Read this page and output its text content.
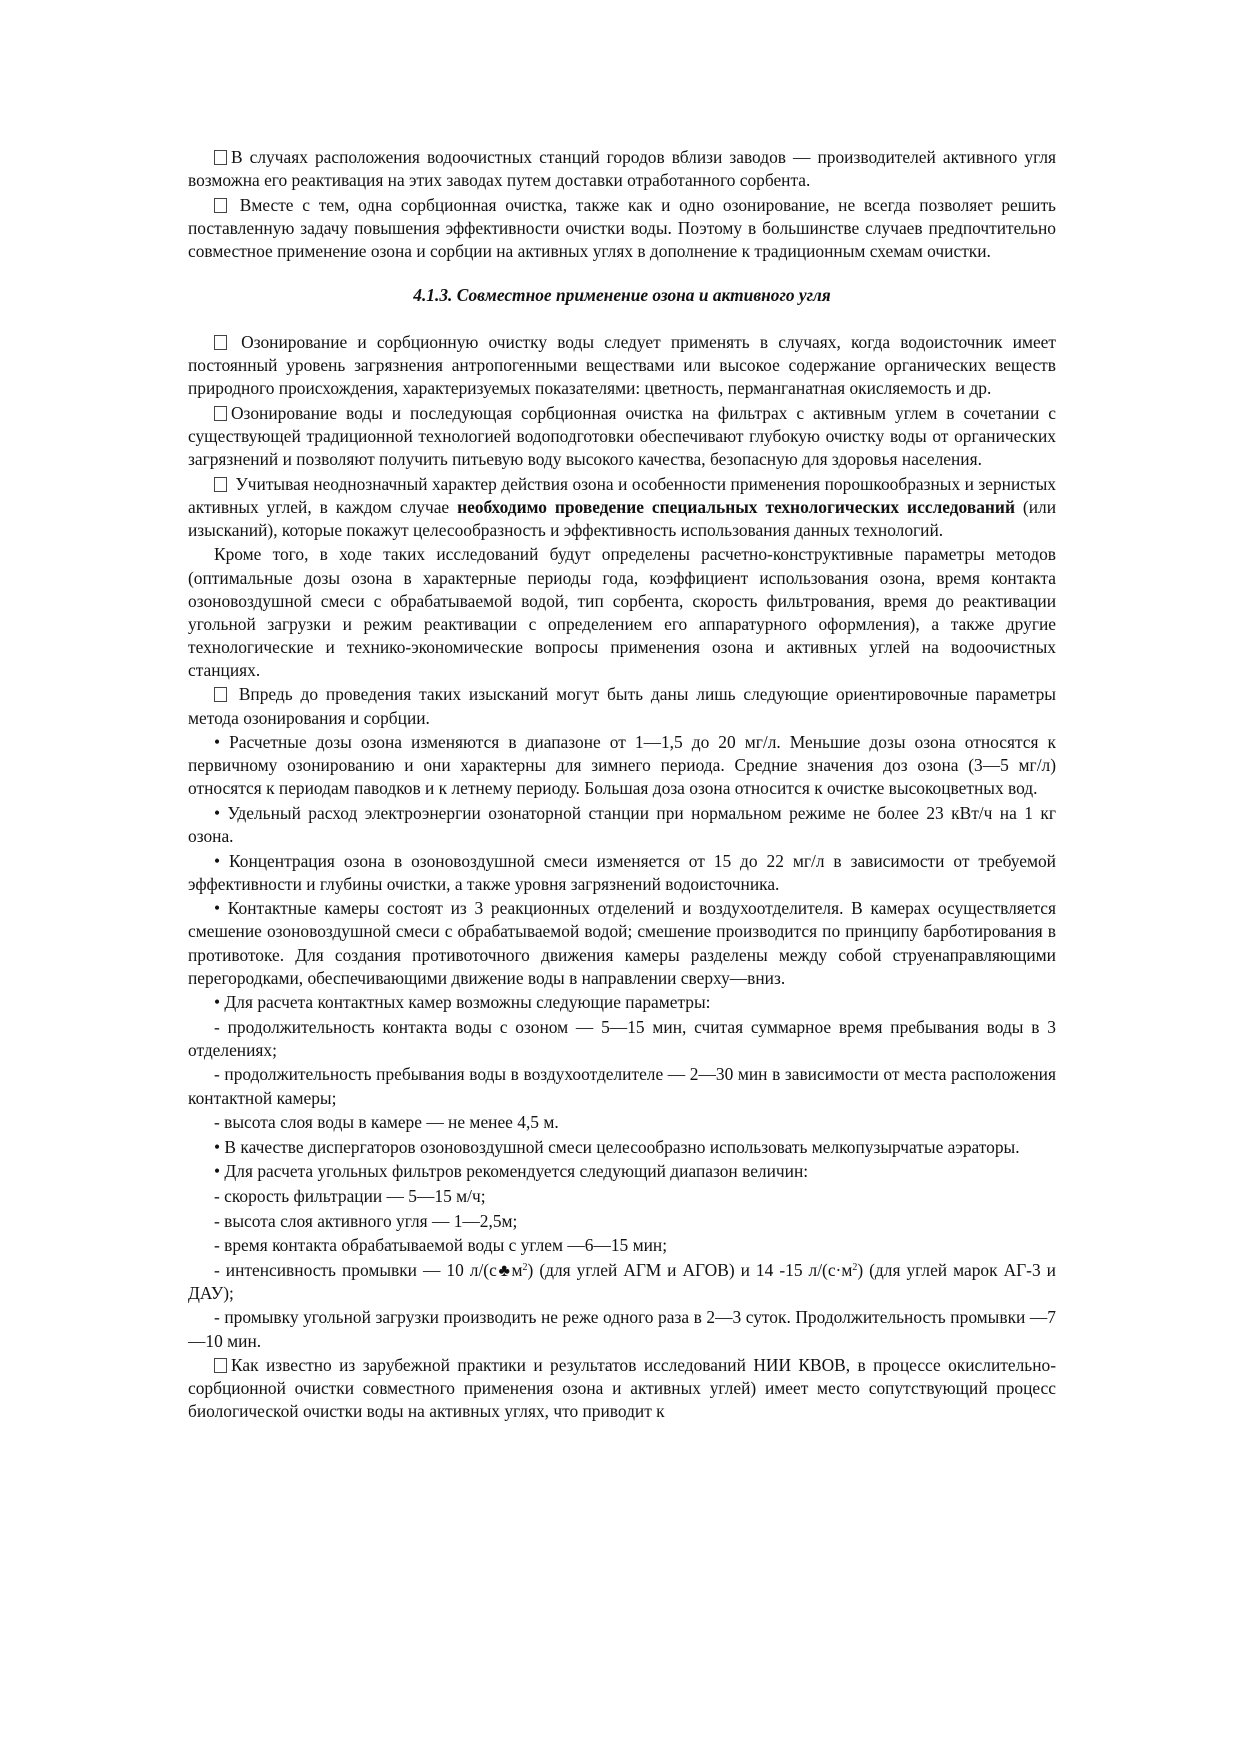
В случаях расположения водоочистных станций городов вблизи заводов — производителей активного угля возможна его реактивация на этих заводах путем доставки отработанного сорбента.

Вместе с тем, одна сорбционная очистка, также как и одно озонирование, не всегда позволяет решить поставленную задачу повышения эффективности очистки воды. Поэтому в большинстве случаев предпочтительно совместное применение озона и сорбции на активных углях в дополнение к традиционным схемам очистки.

4.1.3. Совместное применение озона и активного угля

Озонирование и сорбционную очистку воды следует применять в случаях, когда водоисточник имеет постоянный уровень загрязнения антропогенными веществами или высокое содержание органических веществ природного происхождения, характеризуемых показателями: цветность, перманганатная окисляемость и др.

Озонирование воды и последующая сорбционная очистка на фильтрах с активным углем в сочетании с существующей традиционной технологией водоподготовки обеспечивают глубокую очистку воды от органических загрязнений и позволяют получить питьевую воду высокого качества, безопасную для здоровья населения.

Учитывая неоднозначный характер действия озона и особенности применения порошкообразных и зернистых активных углей, в каждом случае необходимо проведение специальных технологических исследований (или изысканий), которые покажут целесообразность и эффективность использования данных технологий.

Кроме того, в ходе таких исследований будут определены расчетно-конструктивные параметры методов (оптимальные дозы озона в характерные периоды года, коэффициент использования озона, время контакта озоновоздушной смеси с обрабатываемой водой, тип сорбента, скорость фильтрования, время до реактивации угольной загрузки и режим реактивации с определением его аппаратурного оформления), а также другие технологические и технико-экономические вопросы применения озона и активных углей на водоочистных станциях.

Впредь до проведения таких изысканий могут быть даны лишь следующие ориентировочные параметры метода озонирования и сорбции.

• Расчетные дозы озона изменяются в диапазоне от 1—1,5 до 20 мг/л. Меньшие дозы озона относятся к первичному озонированию и они характерны для зимнего периода. Средние значения доз озона (3—5 мг/л) относятся к периодам паводков и к летнему периоду. Большая доза озона относится к очистке высокоцветных вод.

• Удельный расход электроэнергии озонаторной станции при нормальном режиме не более 23 кВт/ч на 1 кг озона.

• Концентрация озона в озоновоздушной смеси изменяется от 15 до 22 мг/л в зависимости от требуемой эффективности и глубины очистки, а также уровня загрязнений водоисточника.

• Контактные камеры состоят из 3 реакционных отделений и воздухоотделителя. В камерах осуществляется смешение озоновоздушной смеси с обрабатываемой водой; смешение производится по принципу барботирования в противотоке. Для создания противоточного движения камеры разделены между собой струенаправляющими перегородками, обеспечивающими движение воды в направлении сверху—вниз.

• Для расчета контактных камер возможны следующие параметры:

- продолжительность контакта воды с озоном — 5—15 мин, считая суммарное время пребывания воды в 3 отделениях;

- продолжительность пребывания воды в воздухоотделителе — 2—30 мин в зависимости от места расположения контактной камеры;

- высота слоя воды в камере — не менее 4,5 м.

• В качестве диспергаторов озоновоздушной смеси целесообразно использовать мелкопузырчатые аэраторы.

• Для расчета угольных фильтров рекомендуется следующий диапазон величин:

- скорость фильтрации — 5—15 м/ч;

- высота слоя активного угля — 1—2,5м;

- время контакта обрабатываемой воды с углем —6—15 мин;

- интенсивность промывки — 10 $л/(с♣м^2)$ (для углей АГМ и АГОВ) и 14 -15 $л/(с\cdot м^2)$ (для углей марок АГ-3 и ДАУ);

- промывку угольной загрузки производить не реже одного раза в 2—3 суток. Продолжительность промывки —7—10 мин.

Как известно из зарубежной практики и результатов исследований НИИ КВОВ, в процессе окислительно-сорбционной очистки совместного применения озона и активных углей) имеет место сопутствующий процесс биологической очистки воды на активных углях, что приводит к
